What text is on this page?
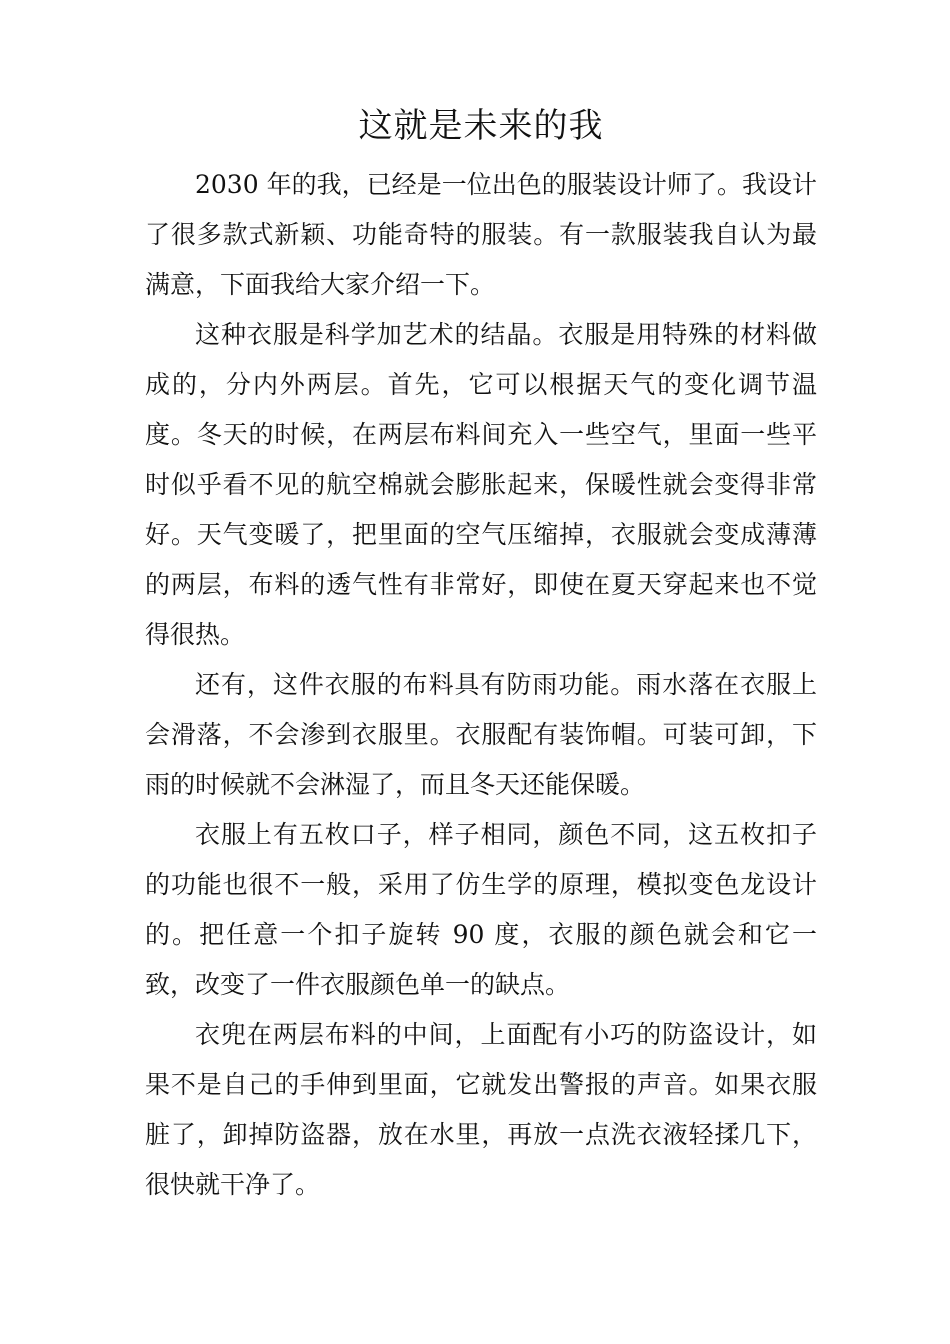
这就是未来的我

2030 年的我，已经是一位出色的服装设计师了。我设计了很多款式新颖、功能奇特的服装。有一款服装我自认为最满意，下面我给大家介绍一下。

这种衣服是科学加艺术的结晶。衣服是用特殊的材料做成的，分内外两层。首先，它可以根据天气的变化调节温度。冬天的时候，在两层布料间充入一些空气，里面一些平时似乎看不见的航空棉就会膨胀起来，保暖性就会变得非常好。天气变暖了，把里面的空气压缩掉，衣服就会变成薄薄的两层，布料的透气性有非常好，即使在夏天穿起来也不觉得很热。

还有，这件衣服的布料具有防雨功能。雨水落在衣服上会滑落，不会渗到衣服里。衣服配有装饰帽。可装可卸，下雨的时候就不会淋湿了，而且冬天还能保暖。

衣服上有五枚口子，样子相同，颜色不同，这五枚扣子的功能也很不一般，采用了仿生学的原理，模拟变色龙设计的。把任意一个扣子旋转 90 度，衣服的颜色就会和它一致，改变了一件衣服颜色单一的缺点。

衣兜在两层布料的中间，上面配有小巧的防盗设计，如果不是自己的手伸到里面，它就发出警报的声音。如果衣服脏了，卸掉防盗器，放在水里，再放一点洗衣液轻揉几下，很快就干净了。
